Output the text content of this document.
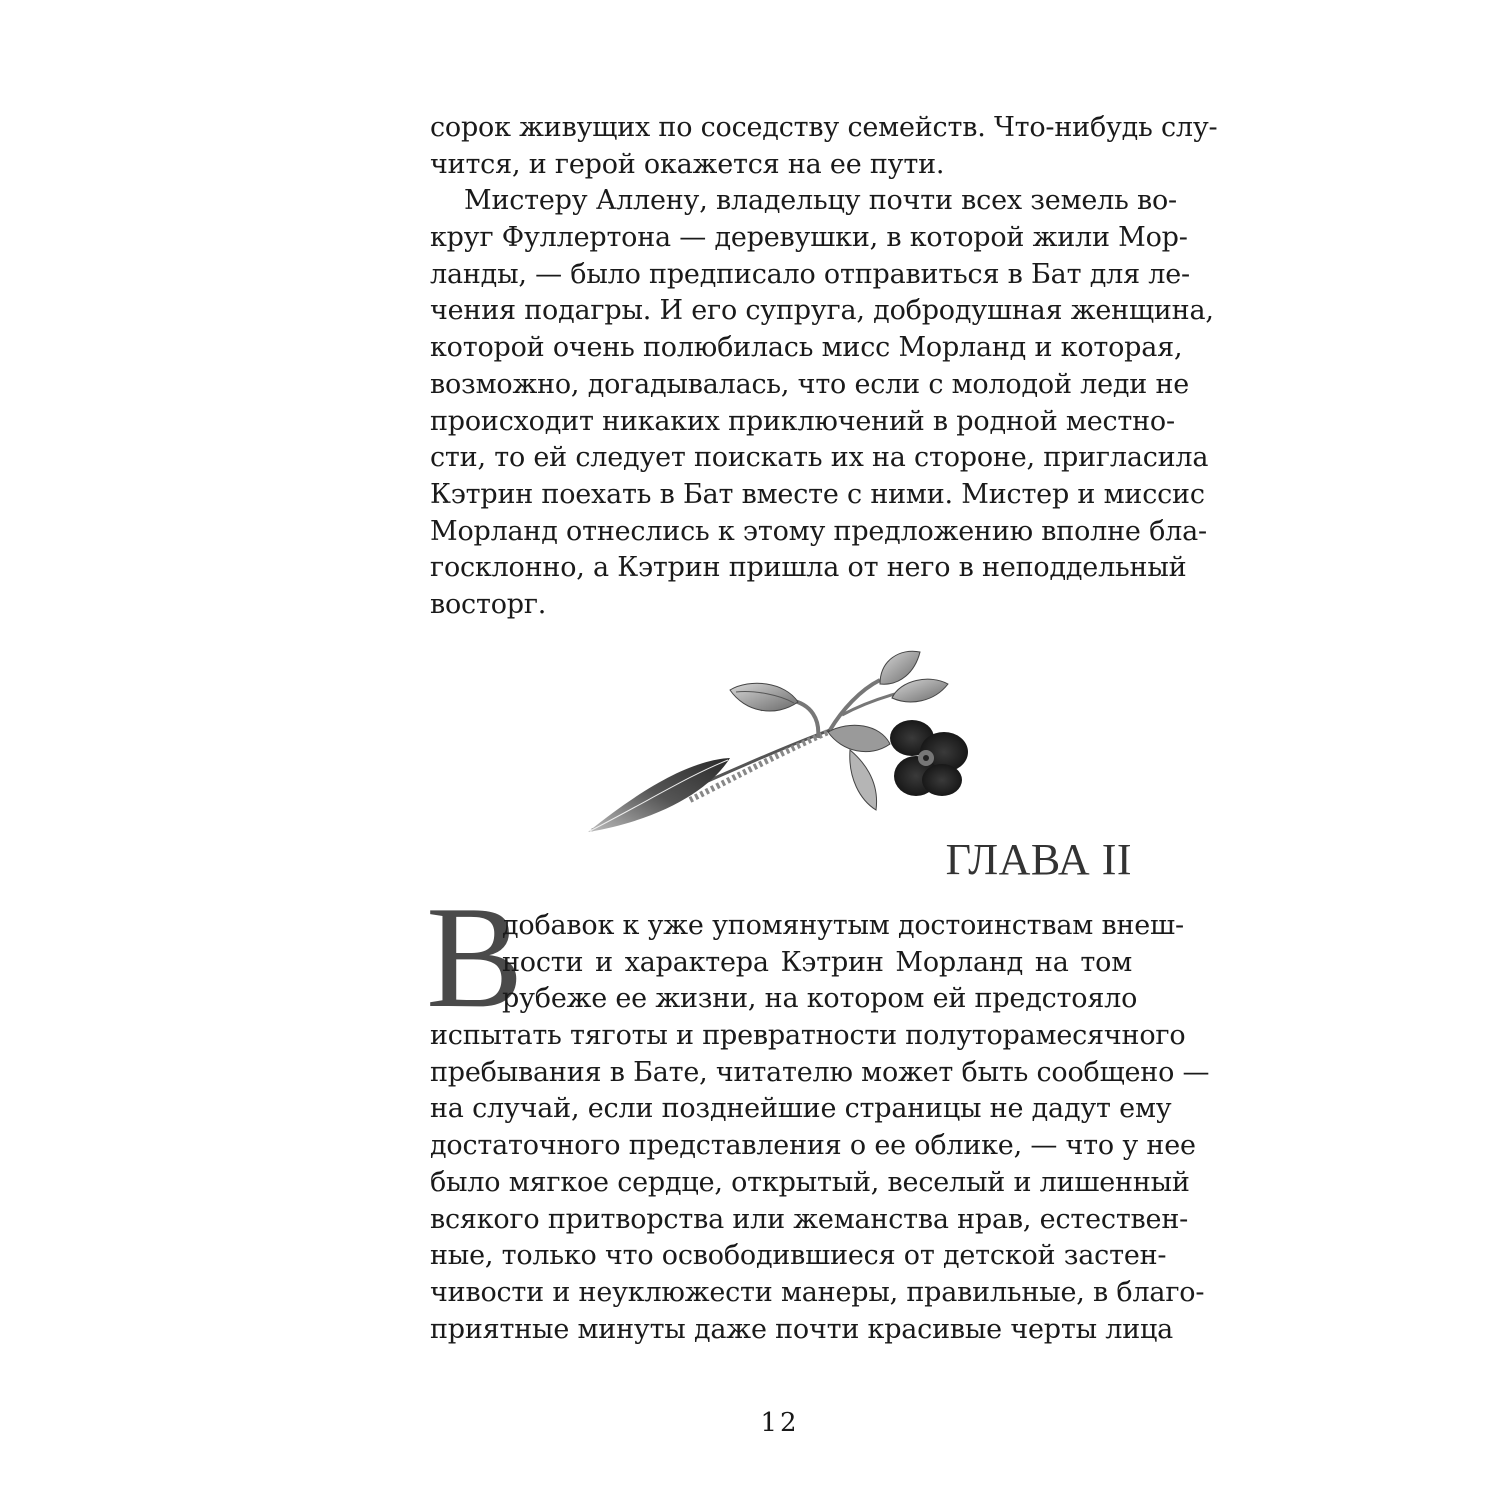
сорок живущих по соседству семейств. Что-нибудь слу-
чится, и герой окажется на ее пути.
Мистеру Аллену, владельцу почти всех земель во-
круг Фуллертона — деревушки, в которой жили Мор-
ланды, — было предписало отправиться в Бат для ле-
чения подагры. И его супруга, добродушная женщина,
которой очень полюбилась мисс Морланд и которая,
возможно, догадывалась, что если с молодой леди не
происходит никаких приключений в родной местно-
сти, то ей следует поискать их на стороне, пригласила
Кэтрин поехать в Бат вместе с ними. Мистер и миссис
Морланд отнеслись к этому предложению вполне бла-
госклонно, а Кэтрин пришла от него в неподдельный
восторг.
ГЛАВА II
В
добавок к уже упомянутым достоинствам внеш-
ности и характера Кэтрин Морланд на том
рубеже ее жизни, на котором ей предстояло
испытать тяготы и превратности полуторамесячного
пребывания в Бате, читателю может быть сообщено —
на случай, если позднейшие страницы не дадут ему
достаточного представления о ее облике, — что у нее
было мягкое сердце, открытый, веселый и лишенный
всякого притворства или жеманства нрав, естествен-
ные, только что освободившиеся от детской застен-
чивости и неуклюжести манеры, правильные, в благо-
приятные минуты даже почти красивые черты лица
12
